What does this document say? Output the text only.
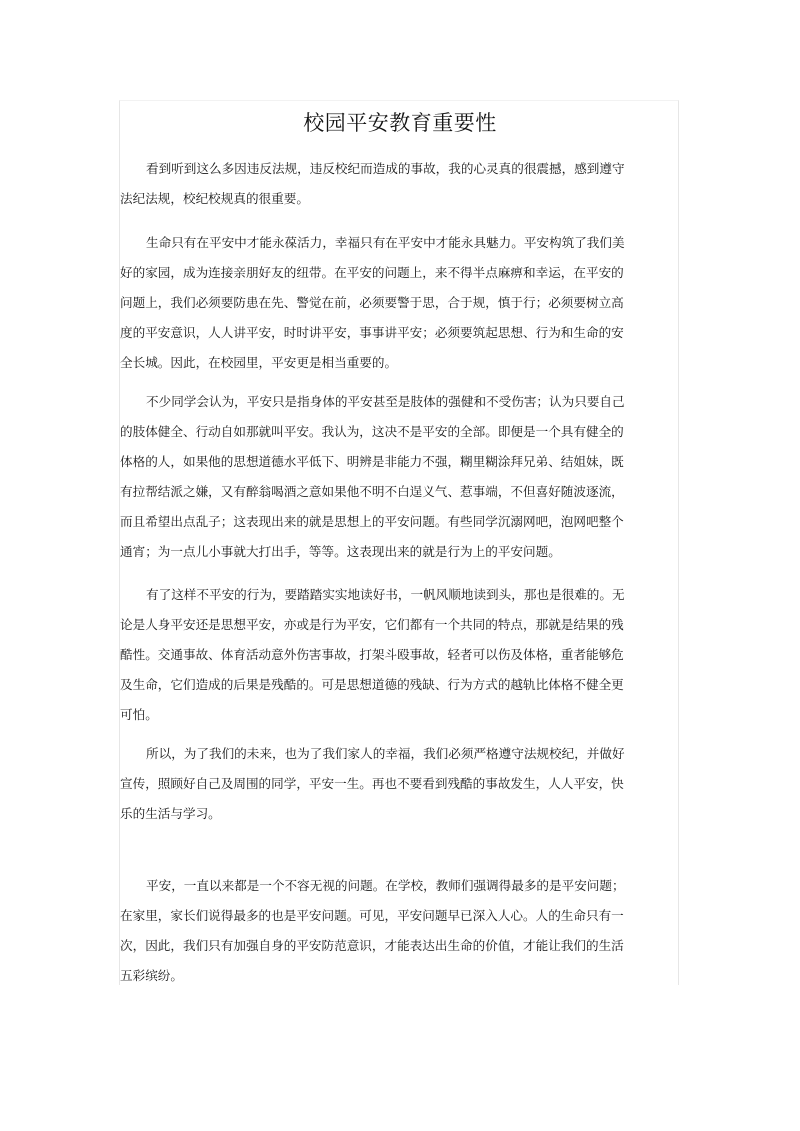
校园平安教育重要性
看到听到这么多因违反法规，违反校纪而造成的事故，我的心灵真的很震撼，感到遵守
法纪法规，校纪校规真的很重要。
生命只有在平安中才能永葆活力，幸福只有在平安中才能永具魅力。平安构筑了我们美
好的家园，成为连接亲朋好友的纽带。在平安的问题上，来不得半点麻痹和幸运，在平安的
问题上，我们必须要防患在先、警觉在前，必须要警于思，合于规，慎于行；必须要树立高
度的平安意识，人人讲平安，时时讲平安，事事讲平安；必须要筑起思想、行为和生命的安
全长城。因此，在校园里，平安更是相当重要的。
不少同学会认为，平安只是指身体的平安甚至是肢体的强健和不受伤害；认为只要自己
的肢体健全、行动自如那就叫平安。我认为，这决不是平安的全部。即便是一个具有健全的
体格的人，如果他的思想道德水平低下、明辨是非能力不强，糊里糊涂拜兄弟、结姐妹，既
有拉帮结派之嫌，又有醉翁喝酒之意如果他不明不白逞义气、惹事端，不但喜好随波逐流，
而且希望出点乱子；这表现出来的就是思想上的平安问题。有些同学沉溺网吧，泡网吧整个
通宵；为一点儿小事就大打出手，等等。这表现出来的就是行为上的平安问题。
有了这样不平安的行为，要踏踏实实地读好书，一帆风顺地读到头，那也是很难的。无
论是人身平安还是思想平安，亦或是行为平安，它们都有一个共同的特点，那就是结果的残
酷性。交通事故、体育活动意外伤害事故，打架斗殴事故，轻者可以伤及体格，重者能够危
及生命，它们造成的后果是残酷的。可是思想道德的残缺、行为方式的越轨比体格不健全更
可怕。
所以，为了我们的未来，也为了我们家人的幸福，我们必须严格遵守法规校纪，并做好
宣传，照顾好自己及周围的同学，平安一生。再也不要看到残酷的事故发生，人人平安，快
乐的生活与学习。
平安，一直以来都是一个不容无视的问题。在学校，教师们强调得最多的是平安问题；
在家里，家长们说得最多的也是平安问题。可见，平安问题早已深入人心。人的生命只有一
次，因此，我们只有加强自身的平安防范意识，才能表达出生命的价值，才能让我们的生活
五彩缤纷。
